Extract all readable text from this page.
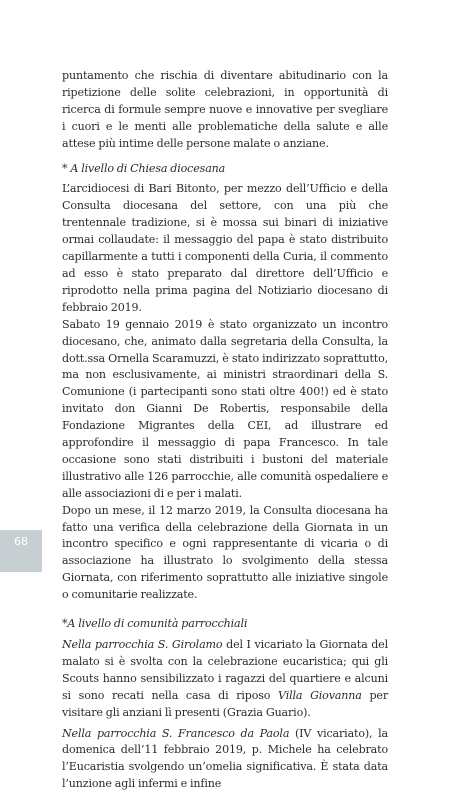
68

puntamento che rischia di diventare abitudinario con la ripetizione delle solite celebrazioni, in opportunità di ricerca di formule sempre nuove e innovative per svegliare i cuori e le menti alle problematiche della salute e alle attese più intime delle persone malate o anziane.

* A livello di Chiesa diocesana

L’arcidiocesi di Bari Bitonto, per mezzo dell’Ufficio e della Consulta diocesana del settore, con una più che trentennale tradizione, si è mossa sui binari di iniziative ormai collaudate: il messaggio del papa è stato distribuito capillarmente a tutti i componenti della Curia, il commento ad esso è stato preparato dal direttore dell’Ufficio e riprodotto nella prima pagina del Notiziario diocesano di febbraio 2019.

Sabato 19 gennaio 2019 è stato organizzato un incontro diocesano, che, animato dalla segretaria della Consulta, la dott.ssa Ornella Scaramuzzi, è stato indirizzato soprattutto, ma non esclusivamente, ai ministri straordinari della S. Comunione (i partecipanti sono stati oltre 400!) ed è stato invitato don Gianni De Robertis, responsabile della Fondazione Migrantes della CEI, ad illustrare ed approfondire il messaggio di papa Francesco. In tale occasione sono stati distribuiti i bustoni del materiale illustrativo alle 126 parrocchie, alle comunità ospedaliere e alle associazioni di e per i malati.

Dopo un mese, il 12 marzo 2019, la Consulta diocesana ha fatto una verifica della celebrazione della Giornata in un incontro specifico e ogni rappresentante di vicaria o di associazione ha illustrato lo svolgimento della stessa Giornata, con riferimento soprattutto alle iniziative singole o comunitarie realizzate.

*A livello di comunità parrocchiali

Nella parrocchia S. Girolamo del I vicariato la Giornata del malato si è svolta con la celebrazione eucaristica; qui gli Scouts hanno sensibilizzato i ragazzi del quartiere e alcuni si sono recati nella casa di riposo Villa Giovanna per visitare gli anziani lì presenti (Grazia Guario).

Nella parrocchia S. Francesco da Paola (IV vicariato), la domenica dell’11 febbraio 2019, p. Michele ha celebrato l’Eucaristia svolgendo un’omelia significativa. È stata data l’unzione agli infermi e infine
